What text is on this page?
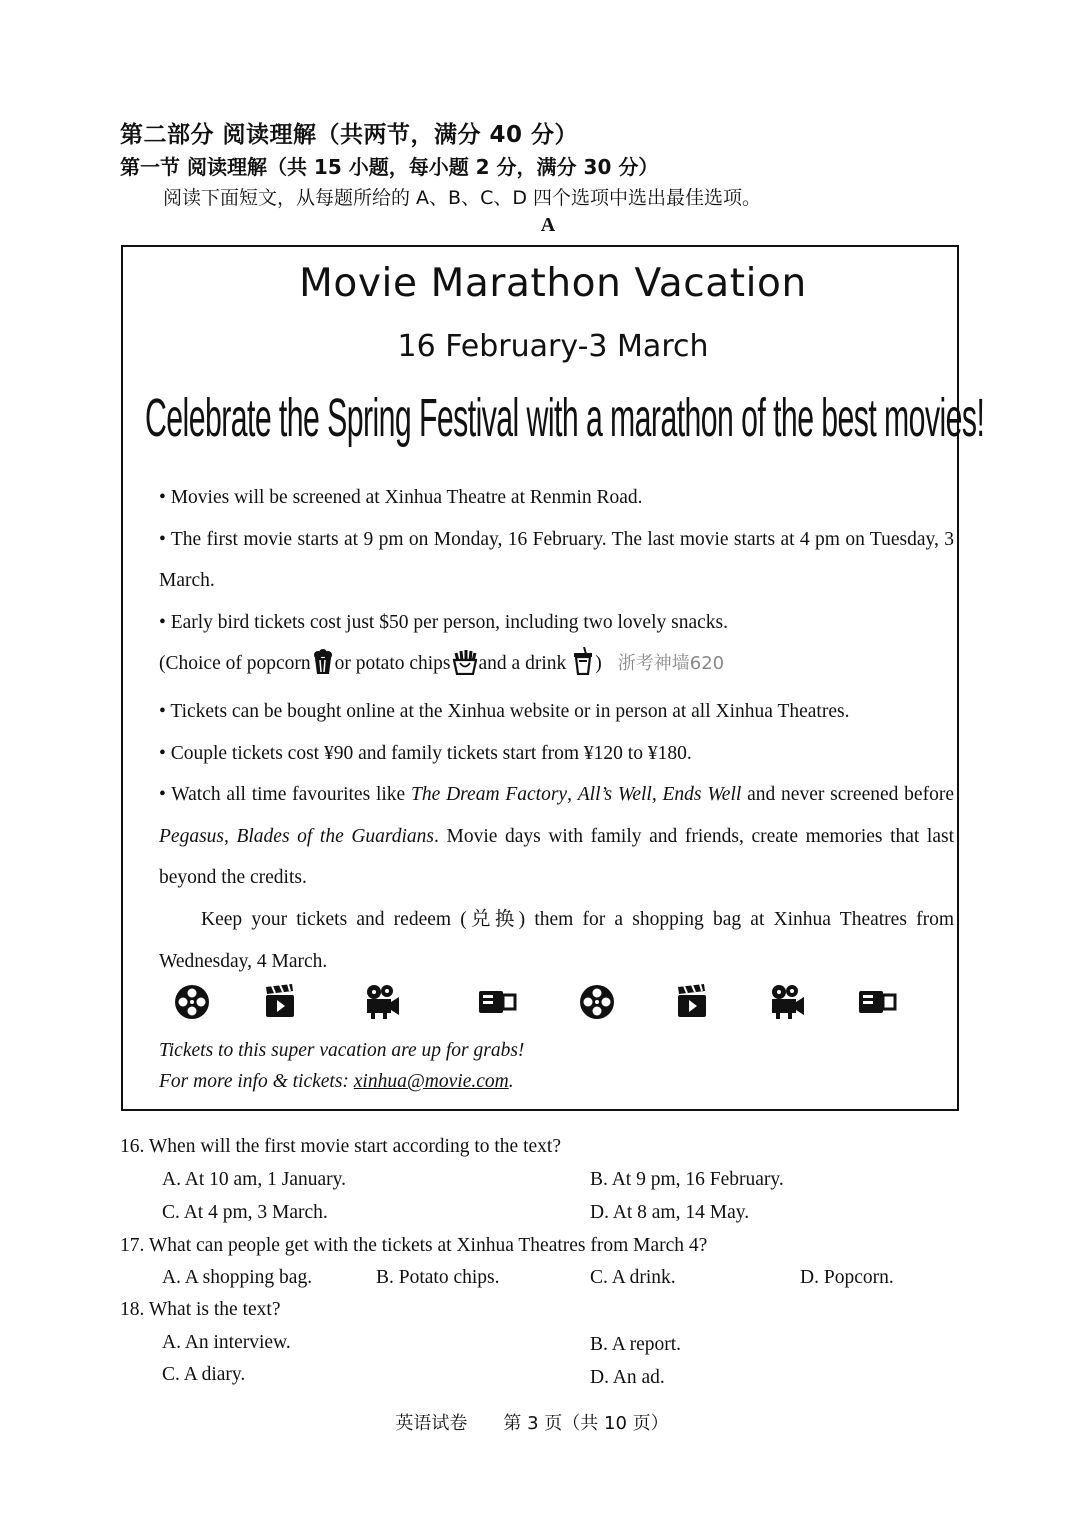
第二部分 阅读理解（共两节，满分 40 分）
第一节 阅读理解（共 15 小题，每小题 2 分，满分 30 分）
阅读下面短文，从每题所给的 A、B、C、D 四个选项中选出最佳选项。
A
Movie Marathon Vacation
16 February-3 March
Celebrate the Spring Festival with a marathon of the best movies!

• Movies will be screened at Xinhua Theatre at Renmin Road.

• The first movie starts at 9 pm on Monday, 16 February. The last movie starts at 4 pm on Tuesday, 3 March.

• Early bird tickets cost just $50 per person, including two lovely snacks.

(Choice of popcorn or potato chips and a drink ) 浙考神墙620

• Tickets can be bought online at the Xinhua website or in person at all Xinhua Theatres.

• Couple tickets cost ¥90 and family tickets start from ¥120 to ¥180.

• Watch all time favourites like The Dream Factory, All’s Well, Ends Well and never screened before Pegasus, Blades of the Guardians. Movie days with family and friends, create memories that last beyond the credits.

Keep your tickets and redeem (兑换) them for a shopping bag at Xinhua Theatres from Wednesday, 4 March.

Tickets to this super vacation are up for grabs!
For more info & tickets: xinhua@movie.com.
16. When will the first movie start according to the text?
A. At 10 am, 1 January.	B. At 9 pm, 16 February.
C. At 4 pm, 3 March.	D. At 8 am, 14 May.
17. What can people get with the tickets at Xinhua Theatres from March 4?
A. A shopping bag.	B. Potato chips.	C. A drink.	D. Popcorn.
18. What is the text?
A. An interview.	B. A report.
C. A diary.	D. An ad.
英语试卷　　第 3 页（共 10 页）
